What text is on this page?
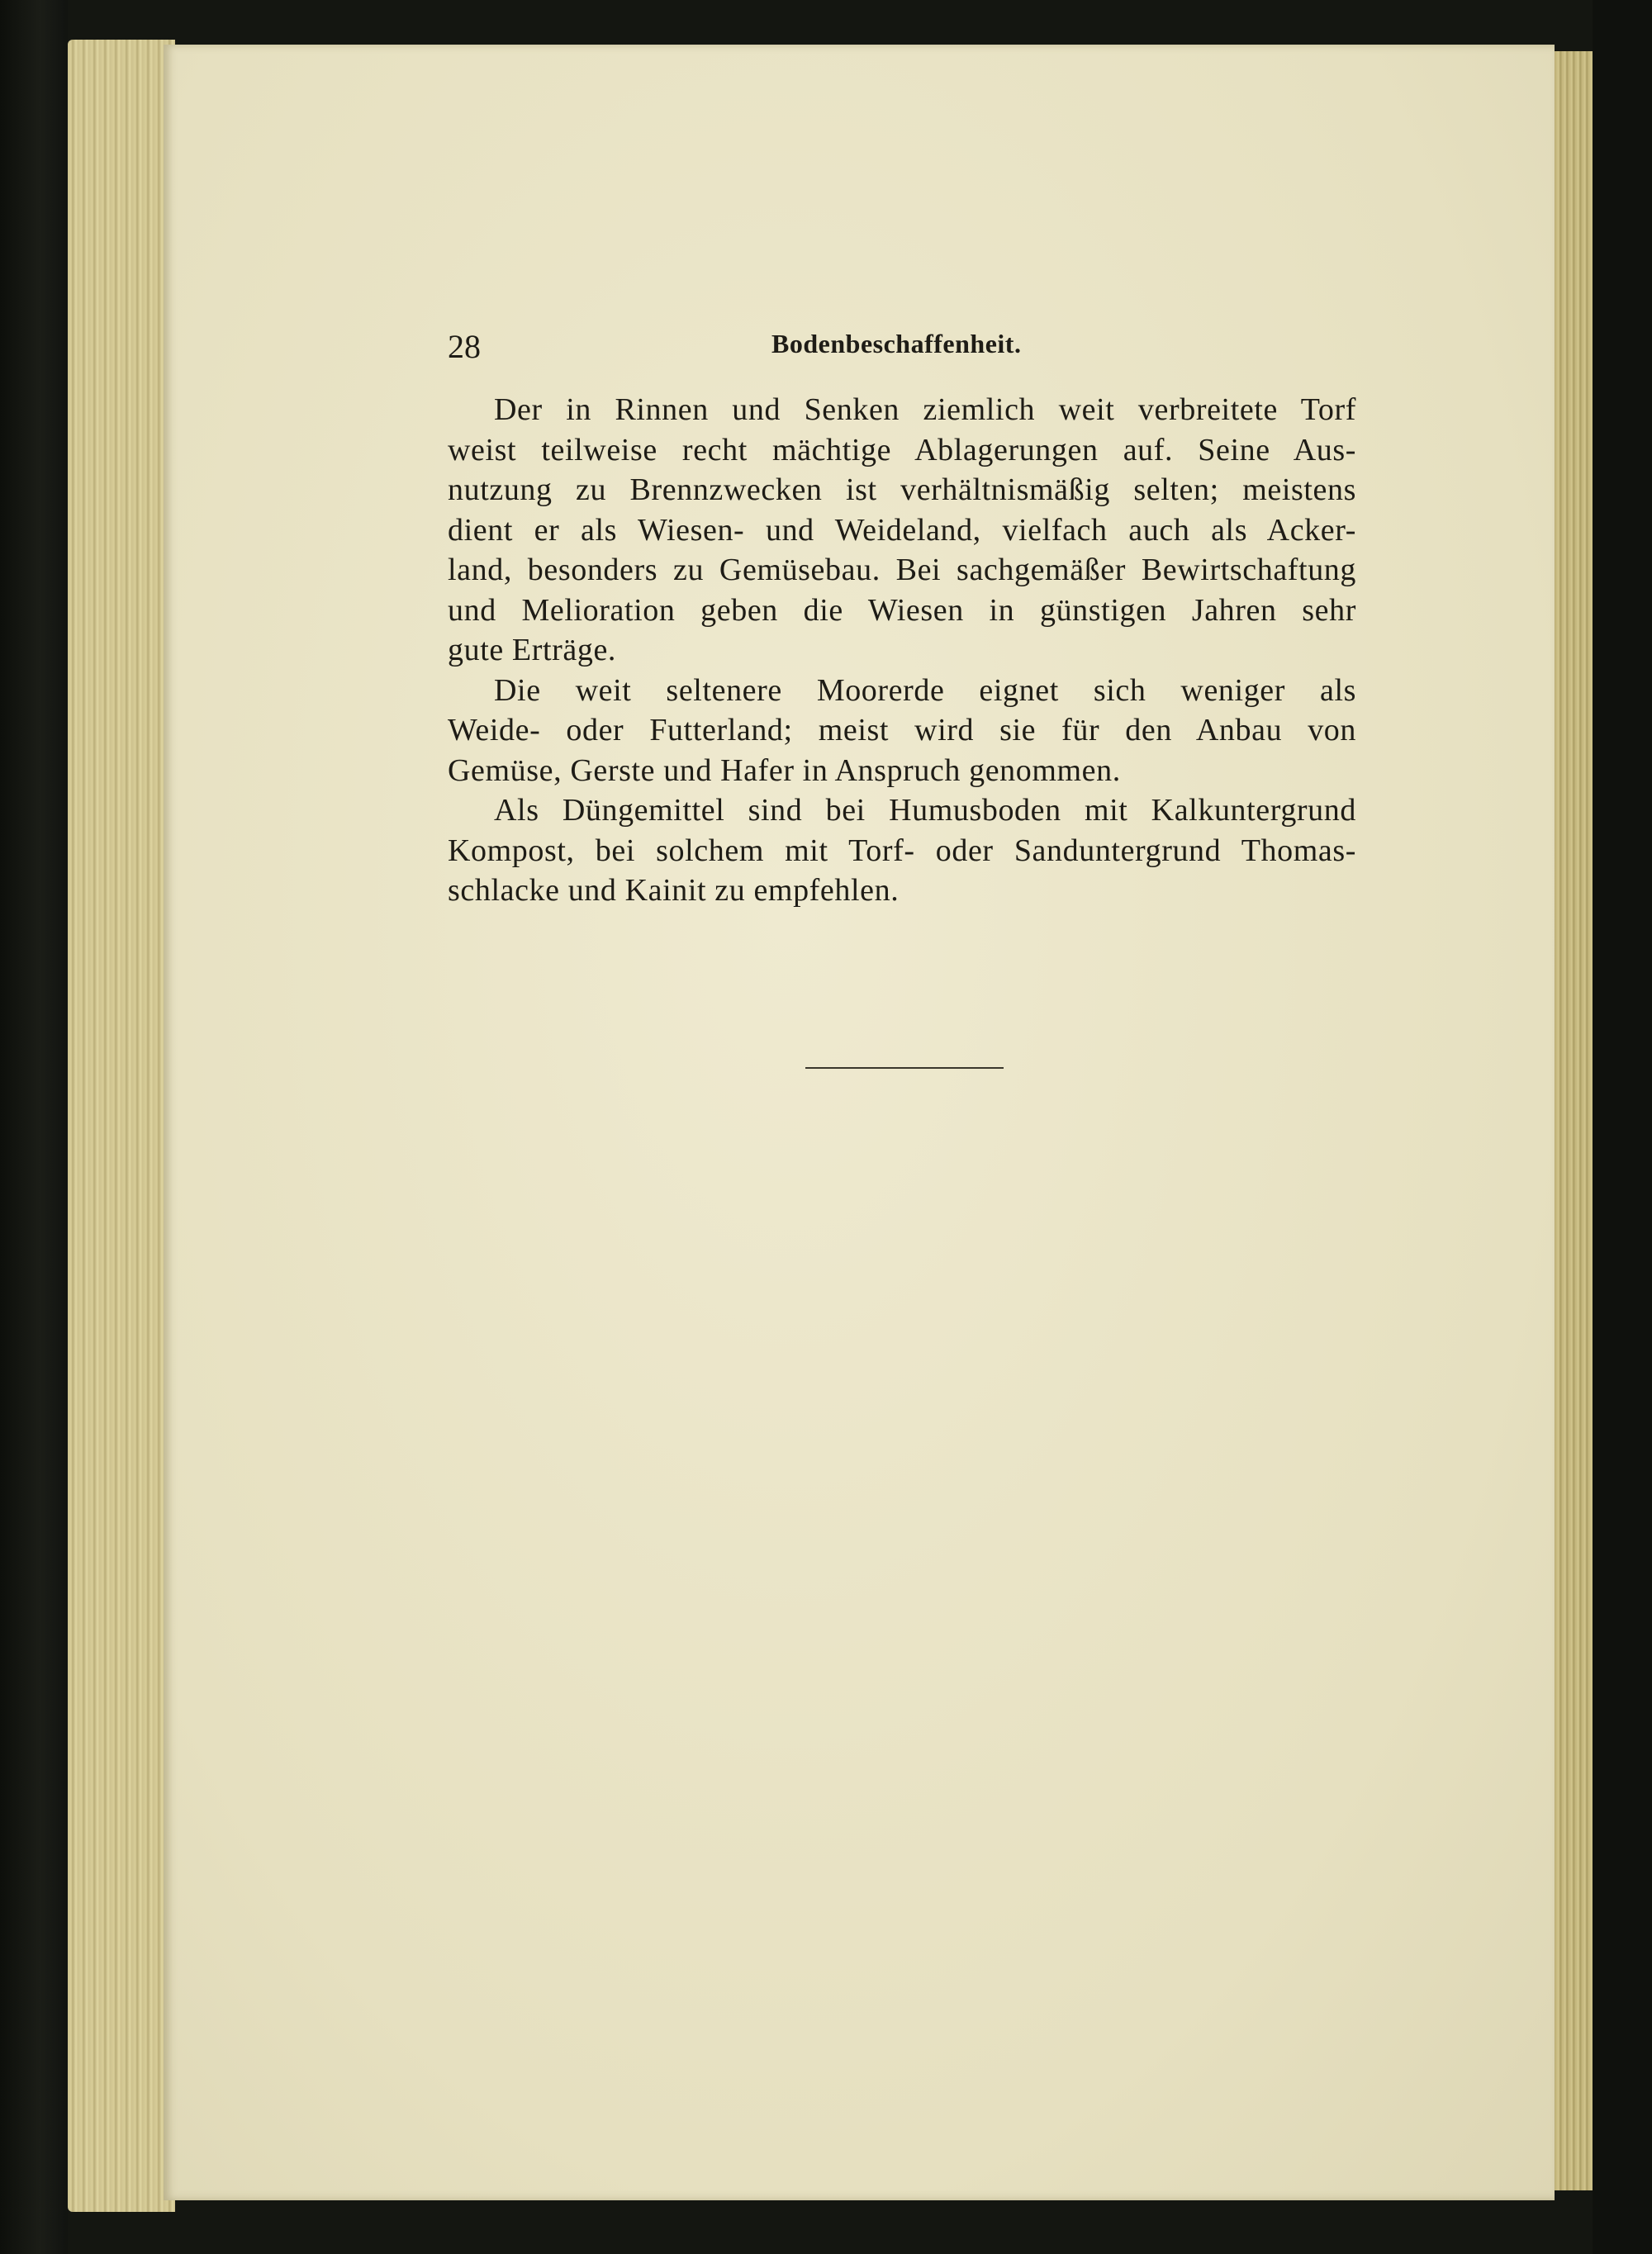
28	Bodenbeschaffenheit.
Der in Rinnen und Senken ziemlich weit verbreitete Torf
weist teilweise recht mächtige Ablagerungen auf. Seine Aus-
nutzung zu Brennzwecken ist verhältnismäßig selten; meistens
dient er als Wiesen- und Weideland, vielfach auch als Acker-
land, besonders zu Gemüsebau. Bei sachgemäßer Bewirtschaftung
und Melioration geben die Wiesen in günstigen Jahren sehr
gute Erträge.
Die weit seltenere Moorerde eignet sich weniger als
Weide- oder Futterland; meist wird sie für den Anbau von
Gemüse, Gerste und Hafer in Anspruch genommen.
Als Düngemittel sind bei Humusboden mit Kalkuntergrund
Kompost, bei solchem mit Torf- oder Sanduntergrund Thomas-
schlacke und Kainit zu empfehlen.
